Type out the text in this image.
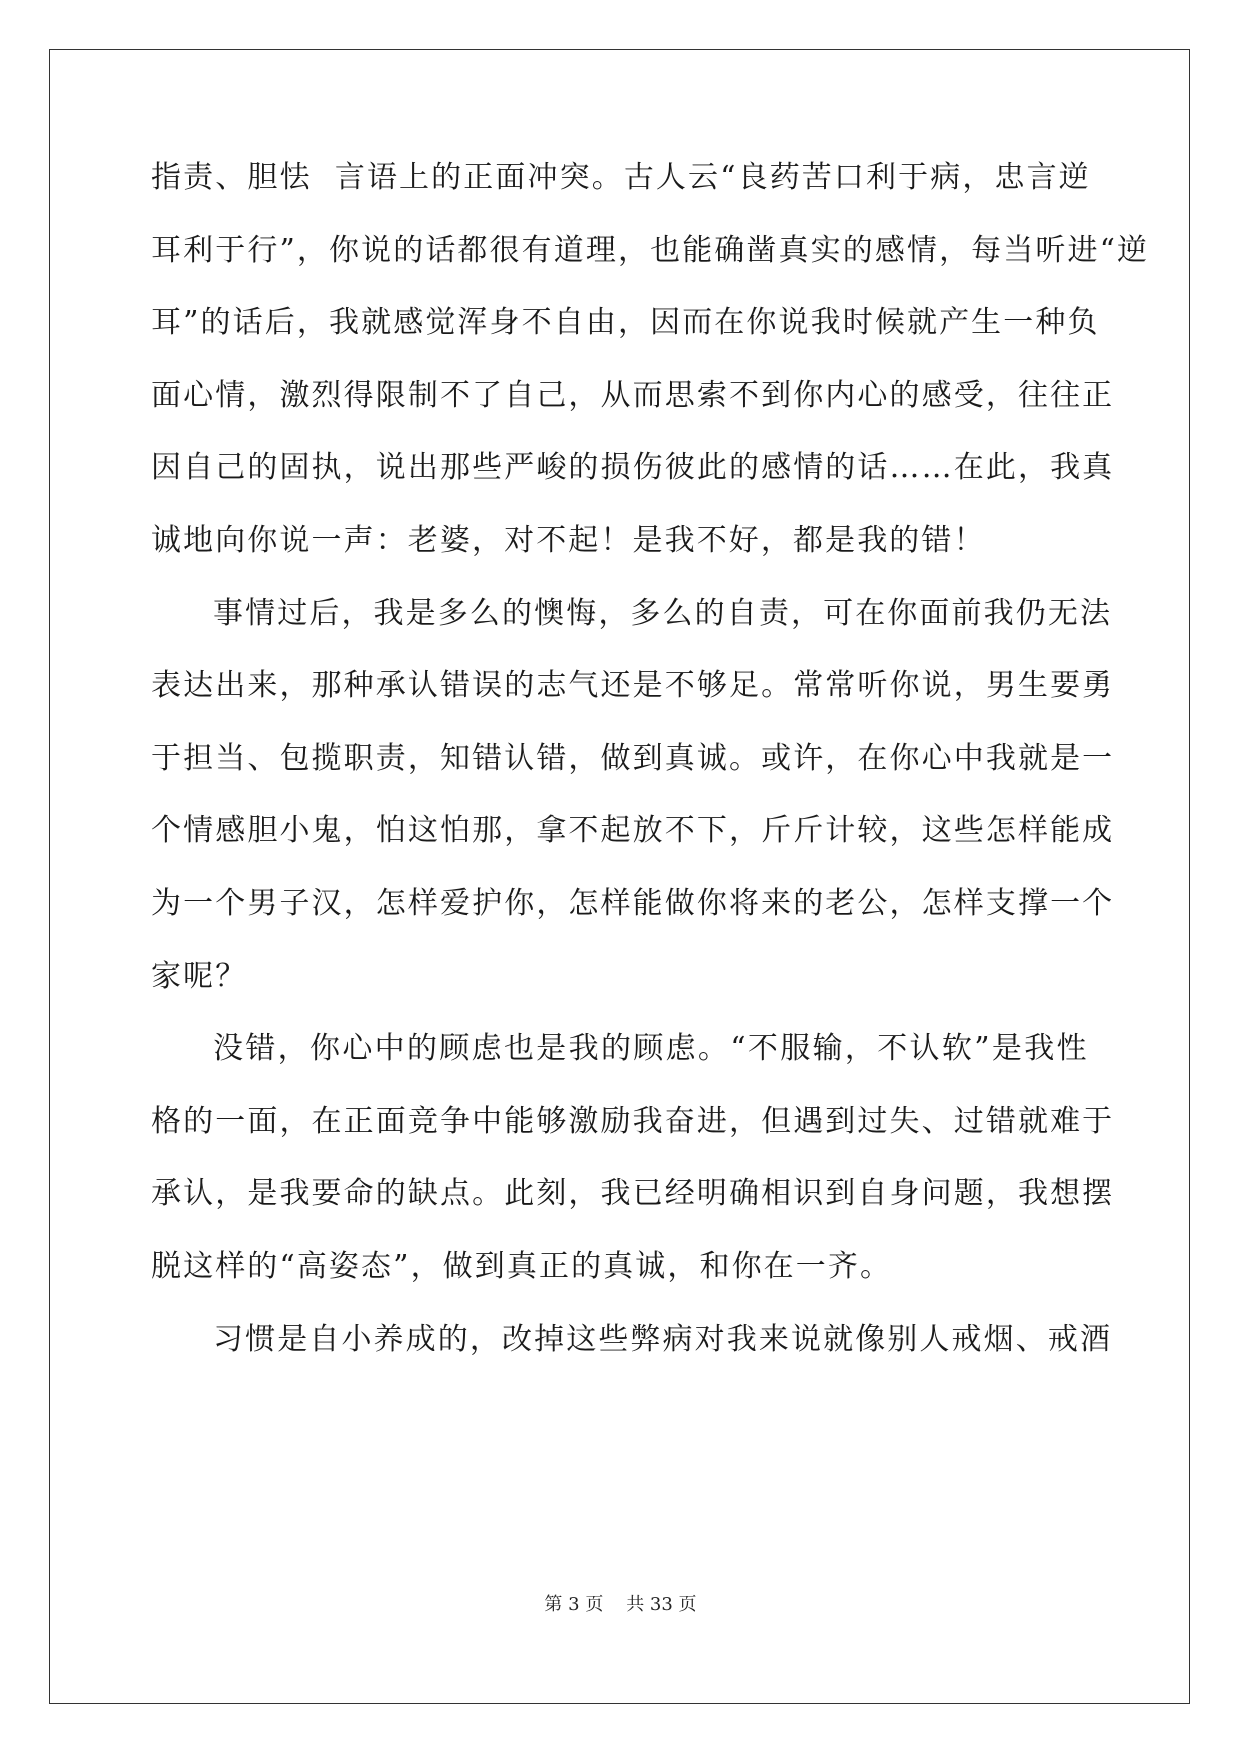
指 责 、 胆 怯

言 语 上 的 正 面 冲 突 。 古 人 云 “ 良 药 苦 口 利 于 病 ， 忠 言 逆
耳 利 于 行 ” ， 你 说 的 话 都 很 有 道 理 ， 也 能 确 凿 真 实 的 感 情 ， 每 当 听 进 “ 逆
耳 ” 的 话 后 ， 我 就 感 觉 浑 身 不 自 由 ， 因 而 在 你 说 我 时 候 就 产 生 一 种 负
面 心 情 ， 激 烈 得 限 制 不 了 自 己 ， 从 而 思 索 不 到 你 内 心 的 感 受 ， 往 往 正
因 自 己 的 固 执 ， 说 出 那 些 严 峻 的 损 伤 彼 此 的 感 情 的 话 … … 在 此 ， 我 真
诚地向你说一声：老婆，对不起！是我不好，都是我的错！
事 情 过 后 ， 我 是 多 么 的 懊 悔 ， 多 么 的 自 责 ， 可 在 你 面 前 我 仍 无 法
表 达 出 来 ， 那 种 承 认 错 误 的 志 气 还 是 不 够 足 。 常 常 听 你 说 ， 男 生 要 勇
于 担 当 、 包 揽 职 责 ， 知 错 认 错 ， 做 到 真 诚 。 或 许 ， 在 你 心 中 我 就 是 一
个 情 感 胆 小 鬼 ， 怕 这 怕 那 ， 拿 不 起 放 不 下 ， 斤 斤 计 较 ， 这 些 怎 样 能 成
为 一 个 男 子 汉 ， 怎 样 爱 护 你 ， 怎 样 能 做 你 将 来 的 老 公 ， 怎 样 支 撑 一 个
家呢？
没 错 ， 你 心 中 的 顾 虑 也 是 我 的 顾 虑 。 “ 不 服 输 ， 不 认 软 ” 是 我 性
格 的 一 面 ， 在 正 面 竞 争 中 能 够 激 励 我 奋 进 ， 但 遇 到 过 失 、 过 错 就 难 于
承 认 ， 是 我 要 命 的 缺 点 。 此 刻 ， 我 已 经 明 确 相 识 到 自 身 问 题 ， 我 想 摆
脱这样的“高姿态”，做到真正的真诚，和你在一齐。
习 惯 是 自 小 养 成 的 ， 改 掉 这 些 弊 病 对 我 来 说 就 像 别 人 戒 烟 、 戒 酒
第 3 页    共 33 页
